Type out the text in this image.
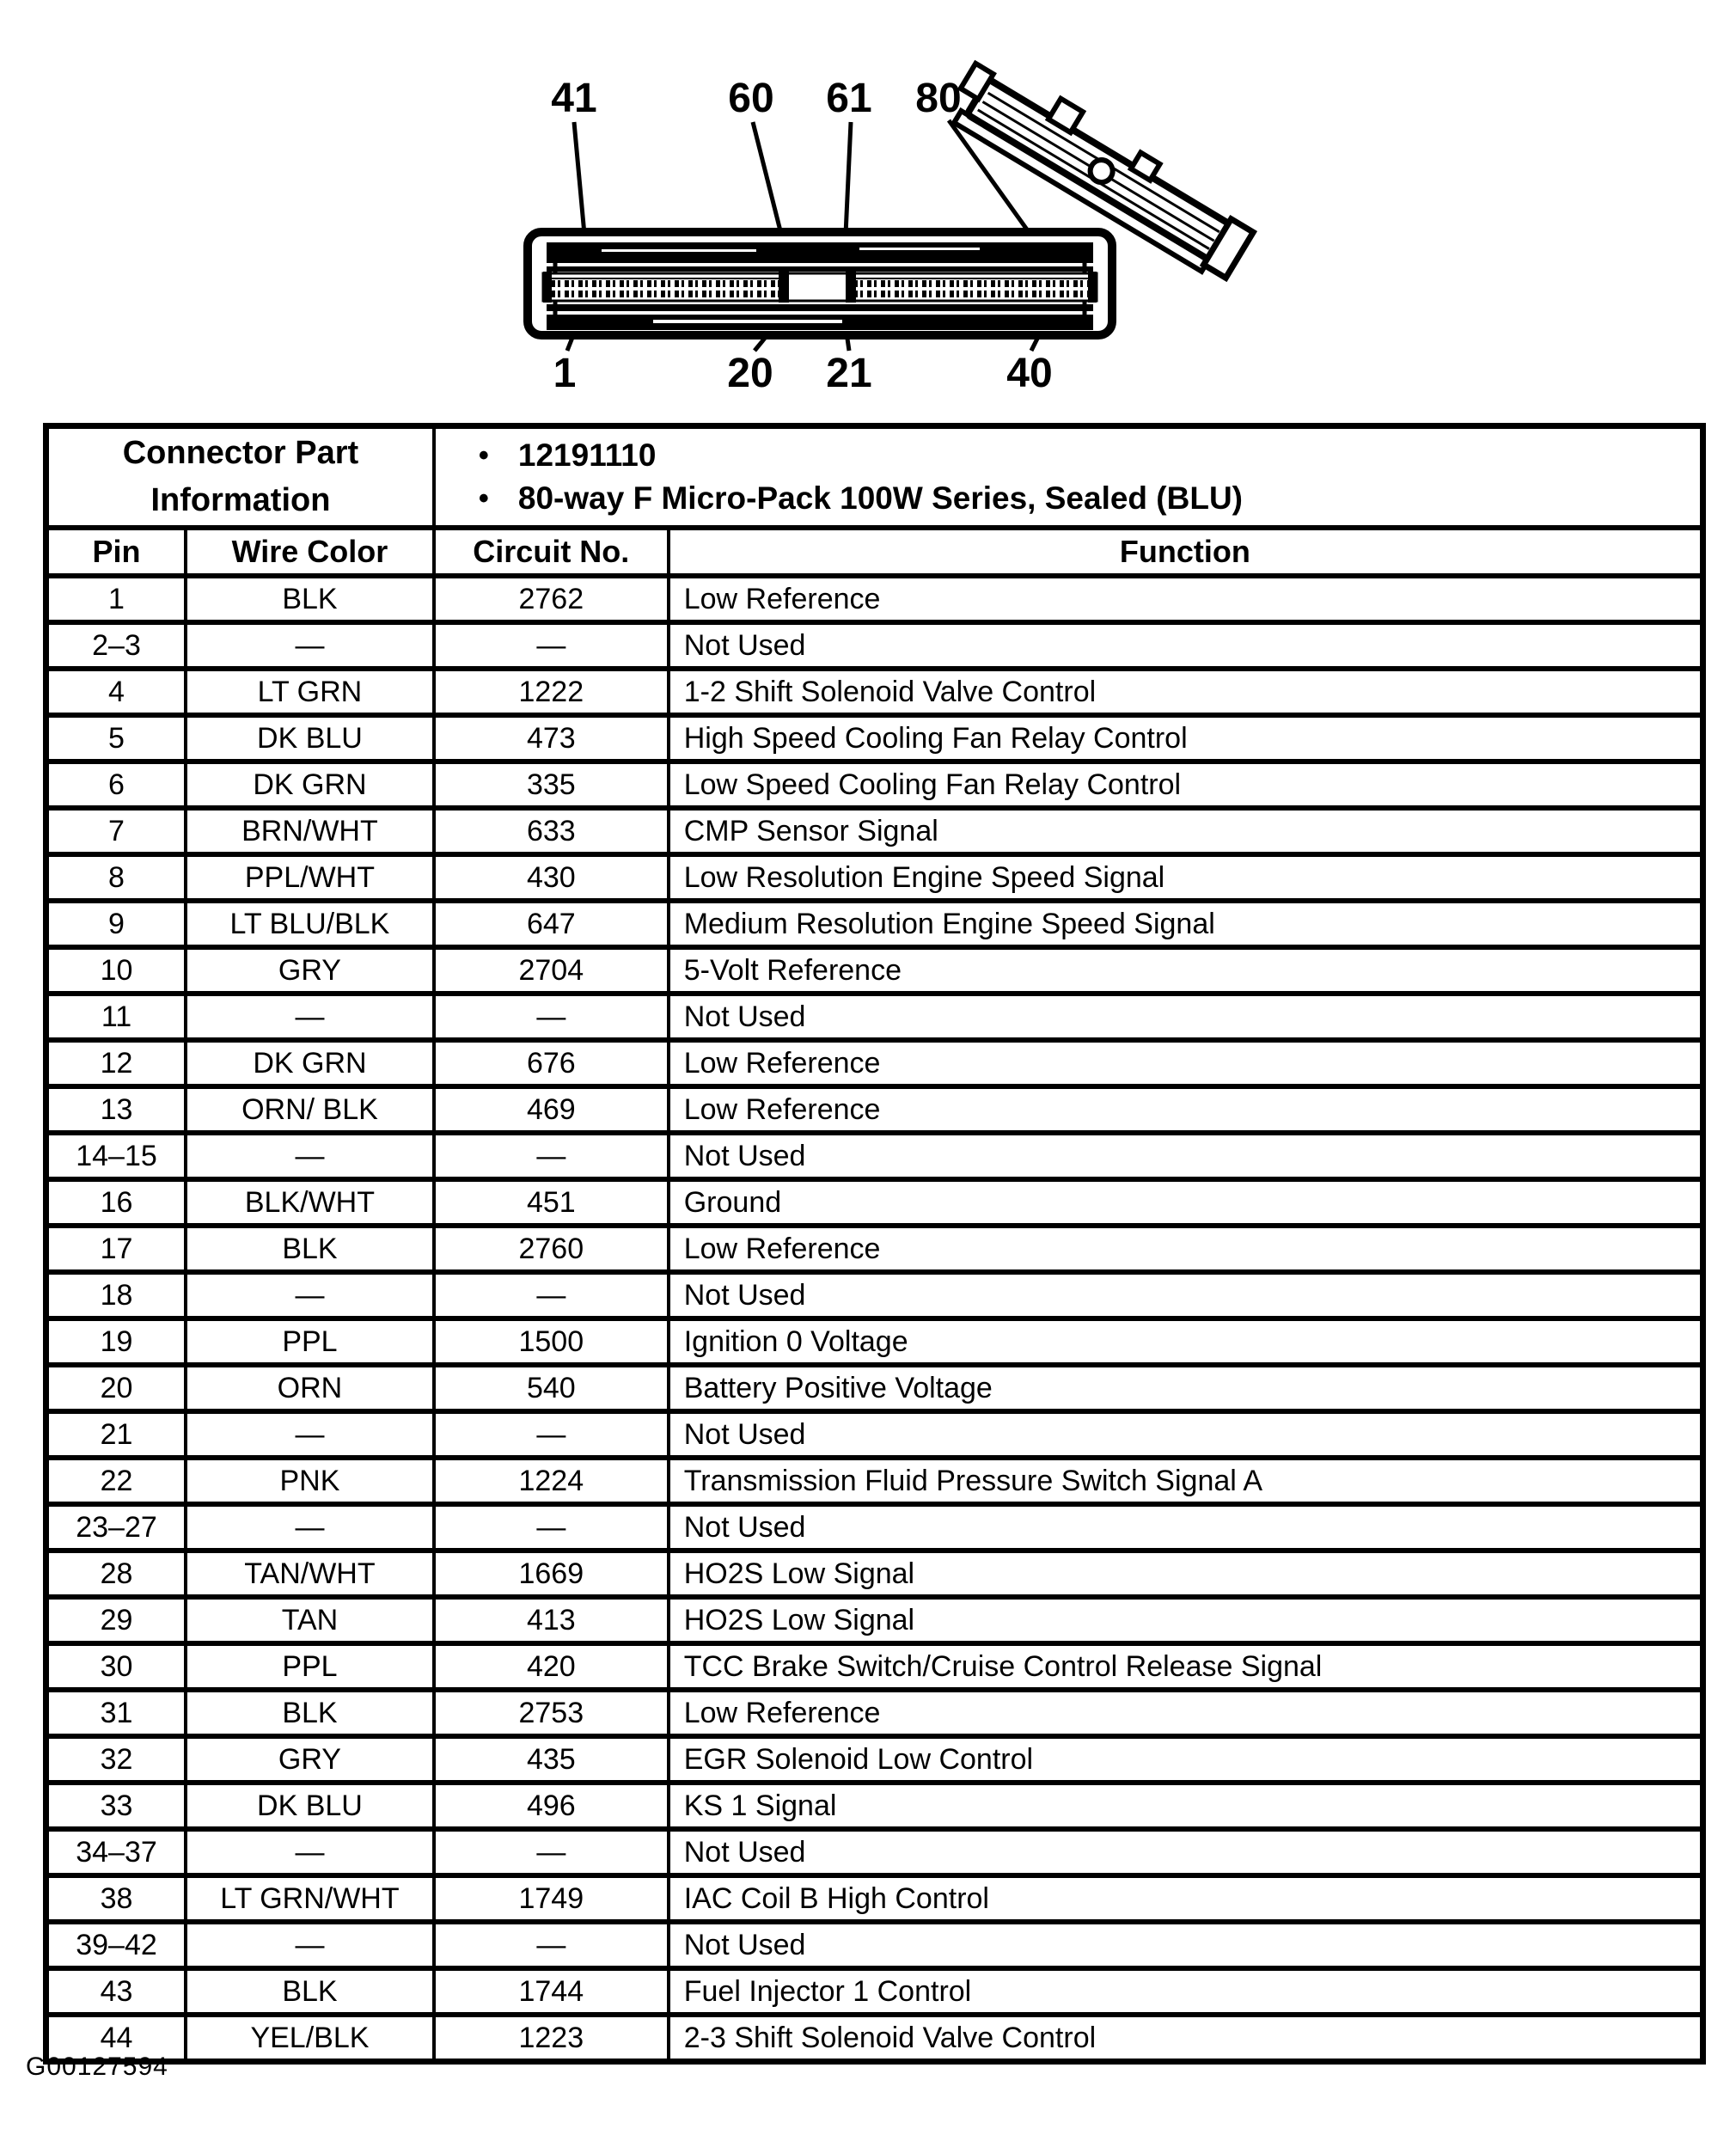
41	60 61 80
1	20 21	40
Connector Part Information		• 12191110
• 80-way F Micro-Pack 100W Series, Sealed (BLU)	

Pin	Wire Color	Circuit No.	Function
1	BLK	2762	Low Reference
2–3	—	—	Not Used
4	LT GRN	1222	1-2 Shift Solenoid Valve Control
5	DK BLU	473	High Speed Cooling Fan Relay Control
6	DK GRN	335	Low Speed Cooling Fan Relay Control
7	BRN/WHT	633	CMP Sensor Signal
8	PPL/WHT	430	Low Resolution Engine Speed Signal
9	LT BLU/BLK	647	Medium Resolution Engine Speed Signal
10	GRY	2704	5-Volt Reference
11	—	—	Not Used
12	DK GRN	676	Low Reference
13	ORN/ BLK	469	Low Reference
14–15	—	—	Not Used
16	BLK/WHT	451	Ground
17	BLK	2760	Low Reference
18	—	—	Not Used
19	PPL	1500	Ignition 0 Voltage
20	ORN	540	Battery Positive Voltage
21	—	—	Not Used
22	PNK	1224	Transmission Fluid Pressure Switch Signal A
23–27	—	—	Not Used
28	TAN/WHT	1669	HO2S Low Signal
29	TAN	413	HO2S Low Signal
30	PPL	420	TCC Brake Switch/Cruise Control Release Signal
31	BLK	2753	Low Reference
32	GRY	435	EGR Solenoid Low Control
33	DK BLU	496	KS 1 Signal
34–37	—	—	Not Used
38	LT GRN/WHT	1749	IAC Coil B High Control
39–42	—	—	Not Used
43	BLK	1744	Fuel Injector 1 Control
44	YEL/BLK	1223	2-3 Shift Solenoid Valve Control
G00127594
